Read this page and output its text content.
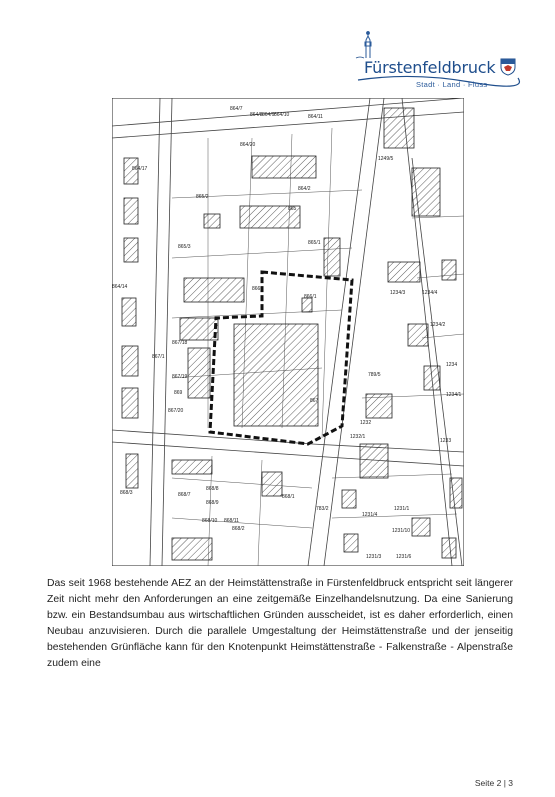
Fürstenfeldbruck
Stadt · Land · Fluss
864/7
864/8 864/9 864/10	864/11
864/17
864/20
864/2
864/14
865/2
865
865/3
865/1
866
866/1
867
867/18
867/19
867/20
867/1
868/2
868/3	868/7
868/8
868/9
868/10 868/11
868/1
1249/5
1234/3	1234/4
1234/2
1234
1234/1
789/5
1232
1232/1
1233
1231/4
1231/1
1231/10
1231/3	1231/6
783/2
869

Das seit 1968 bestehende AEZ an der Heimstättenstraße in Fürstenfeldbruck entspricht seit längerer Zeit nicht mehr den Anforderungen an eine zeitgemäße Einzelhandelsnutzung. Da eine Sanierung bzw. ein Bestandsumbau aus wirtschaftlichen Gründen ausscheidet, ist es daher erforderlich, einen Neubau anzuvisieren. Durch die parallele Umgestaltung der Heimstättenstraße und der jenseitig bestehenden Grünfläche kann für den Knotenpunkt Heimstättenstraße - Falkenstraße - Alpenstraße zudem eine

Seite 2 | 3
